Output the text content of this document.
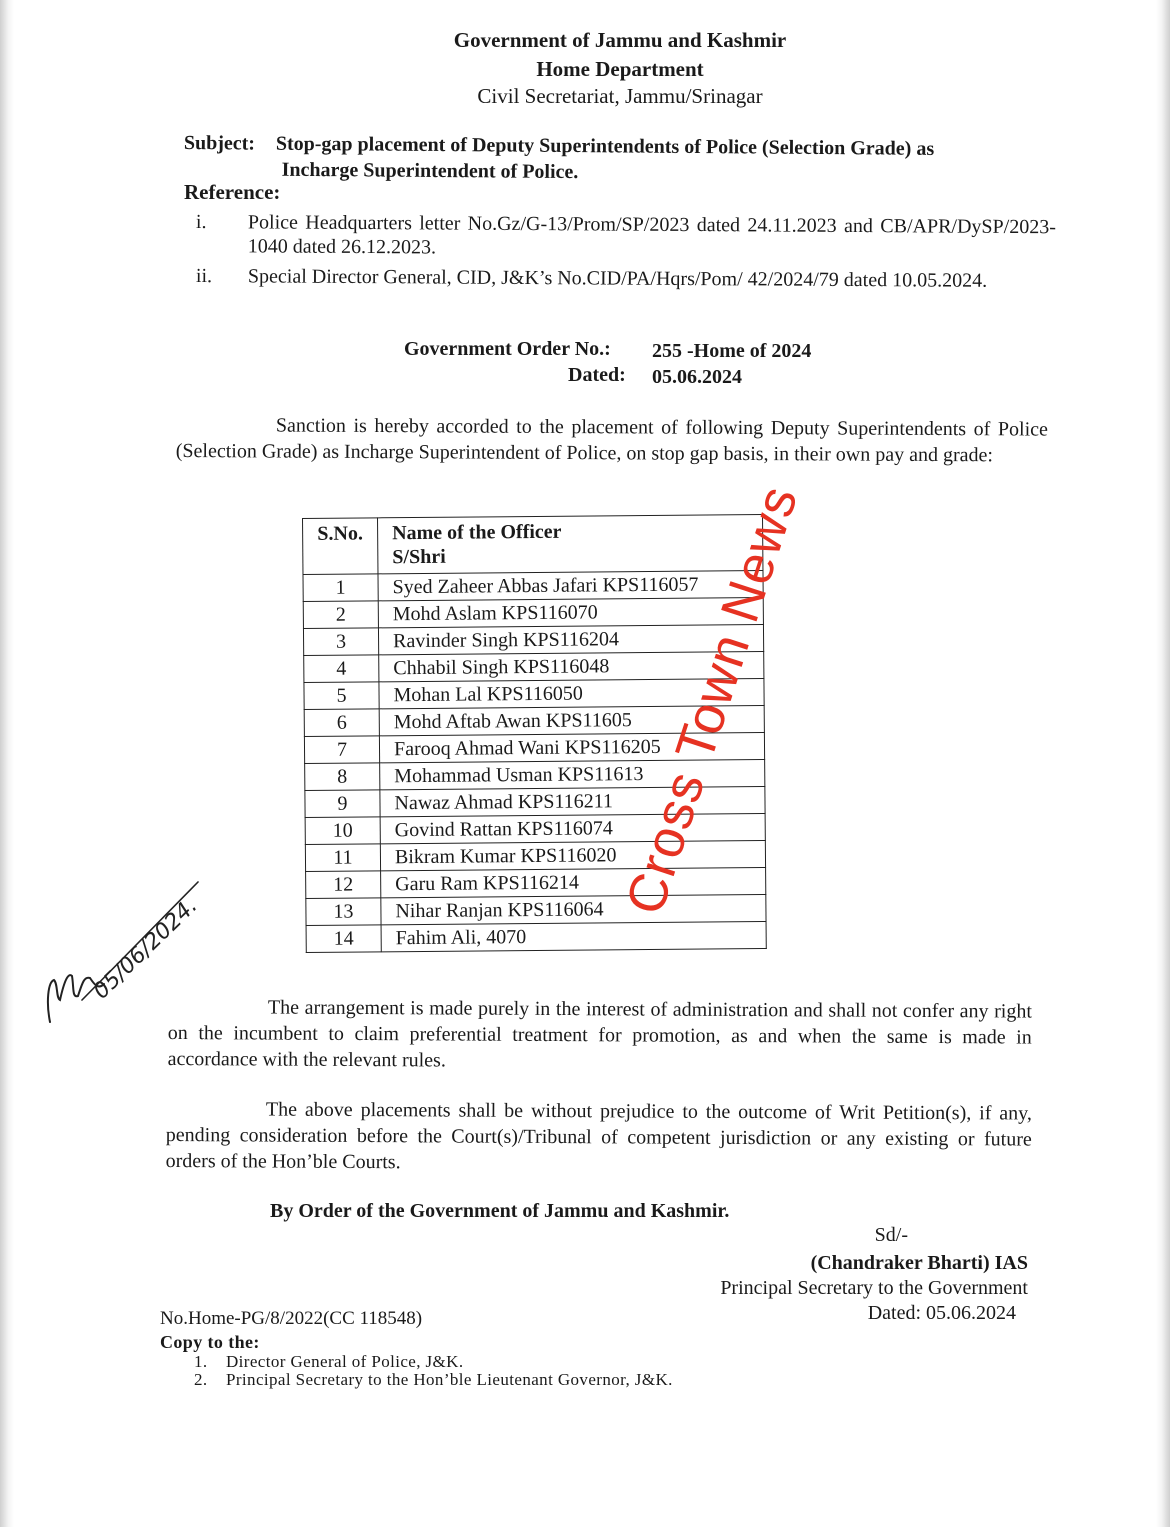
Government of Jammu and Kashmir
Home Department
Civil Secretariat, Jammu/Srinagar
Subject: Stop-gap placement of Deputy Superintendents of Police (Selection Grade) as
Incharge Superintendent of Police.
Reference:
i.	Police Headquarters letter No.Gz/G-13/Prom/SP/2023 dated 24.11.2023 and CB/APR/DySP/2023-1040 dated 26.12.2023.
ii.	Special Director General, CID, J&K’s No.CID/PA/Hqrs/Pom/ 42/2024/79 dated 10.05.2024.
Government Order No.: 255 -Home of 2024
Dated: 05.06.2024
Sanction is hereby accorded to the placement of following Deputy Superintendents of Police (Selection Grade) as Incharge Superintendent of Police, on stop gap basis, in their own pay and grade:
S.No.	Name of the Officer
S/Shri

1	Syed Zaheer Abbas Jafari KPS116057
2	Mohd Aslam KPS116070
3	Ravinder Singh KPS116204
4	Chhabil Singh KPS116048
5	Mohan Lal KPS116050
6	Mohd Aftab Awan KPS11605
7	Farooq Ahmad Wani KPS116205
8	Mohammad Usman KPS11613
9	Nawaz Ahmad KPS116211
10	Govind Rattan KPS116074
11	Bikram Kumar KPS116020
12	Garu Ram KPS116214
13	Nihar Ranjan KPS116064
14	Fahim Ali, 4070
Cross Town News
05/06/2024.
The arrangement is made purely in the interest of administration and shall not confer any right on the incumbent to claim preferential treatment for promotion, as and when the same is made in accordance with the relevant rules.
The above placements shall be without prejudice to the outcome of Writ Petition(s), if any, pending consideration before the Court(s)/Tribunal of competent jurisdiction or any existing or future orders of the Hon’ble Courts.
By Order of the Government of Jammu and Kashmir.
Sd/-
(Chandraker Bharti) IAS
Principal Secretary to the Government
Dated: 05.06.2024
No.Home-PG/8/2022(CC 118548)
Copy to the:
1. Director General of Police, J&K.
2. Principal Secretary to the Hon’ble Lieutenant Governor, J&K.
